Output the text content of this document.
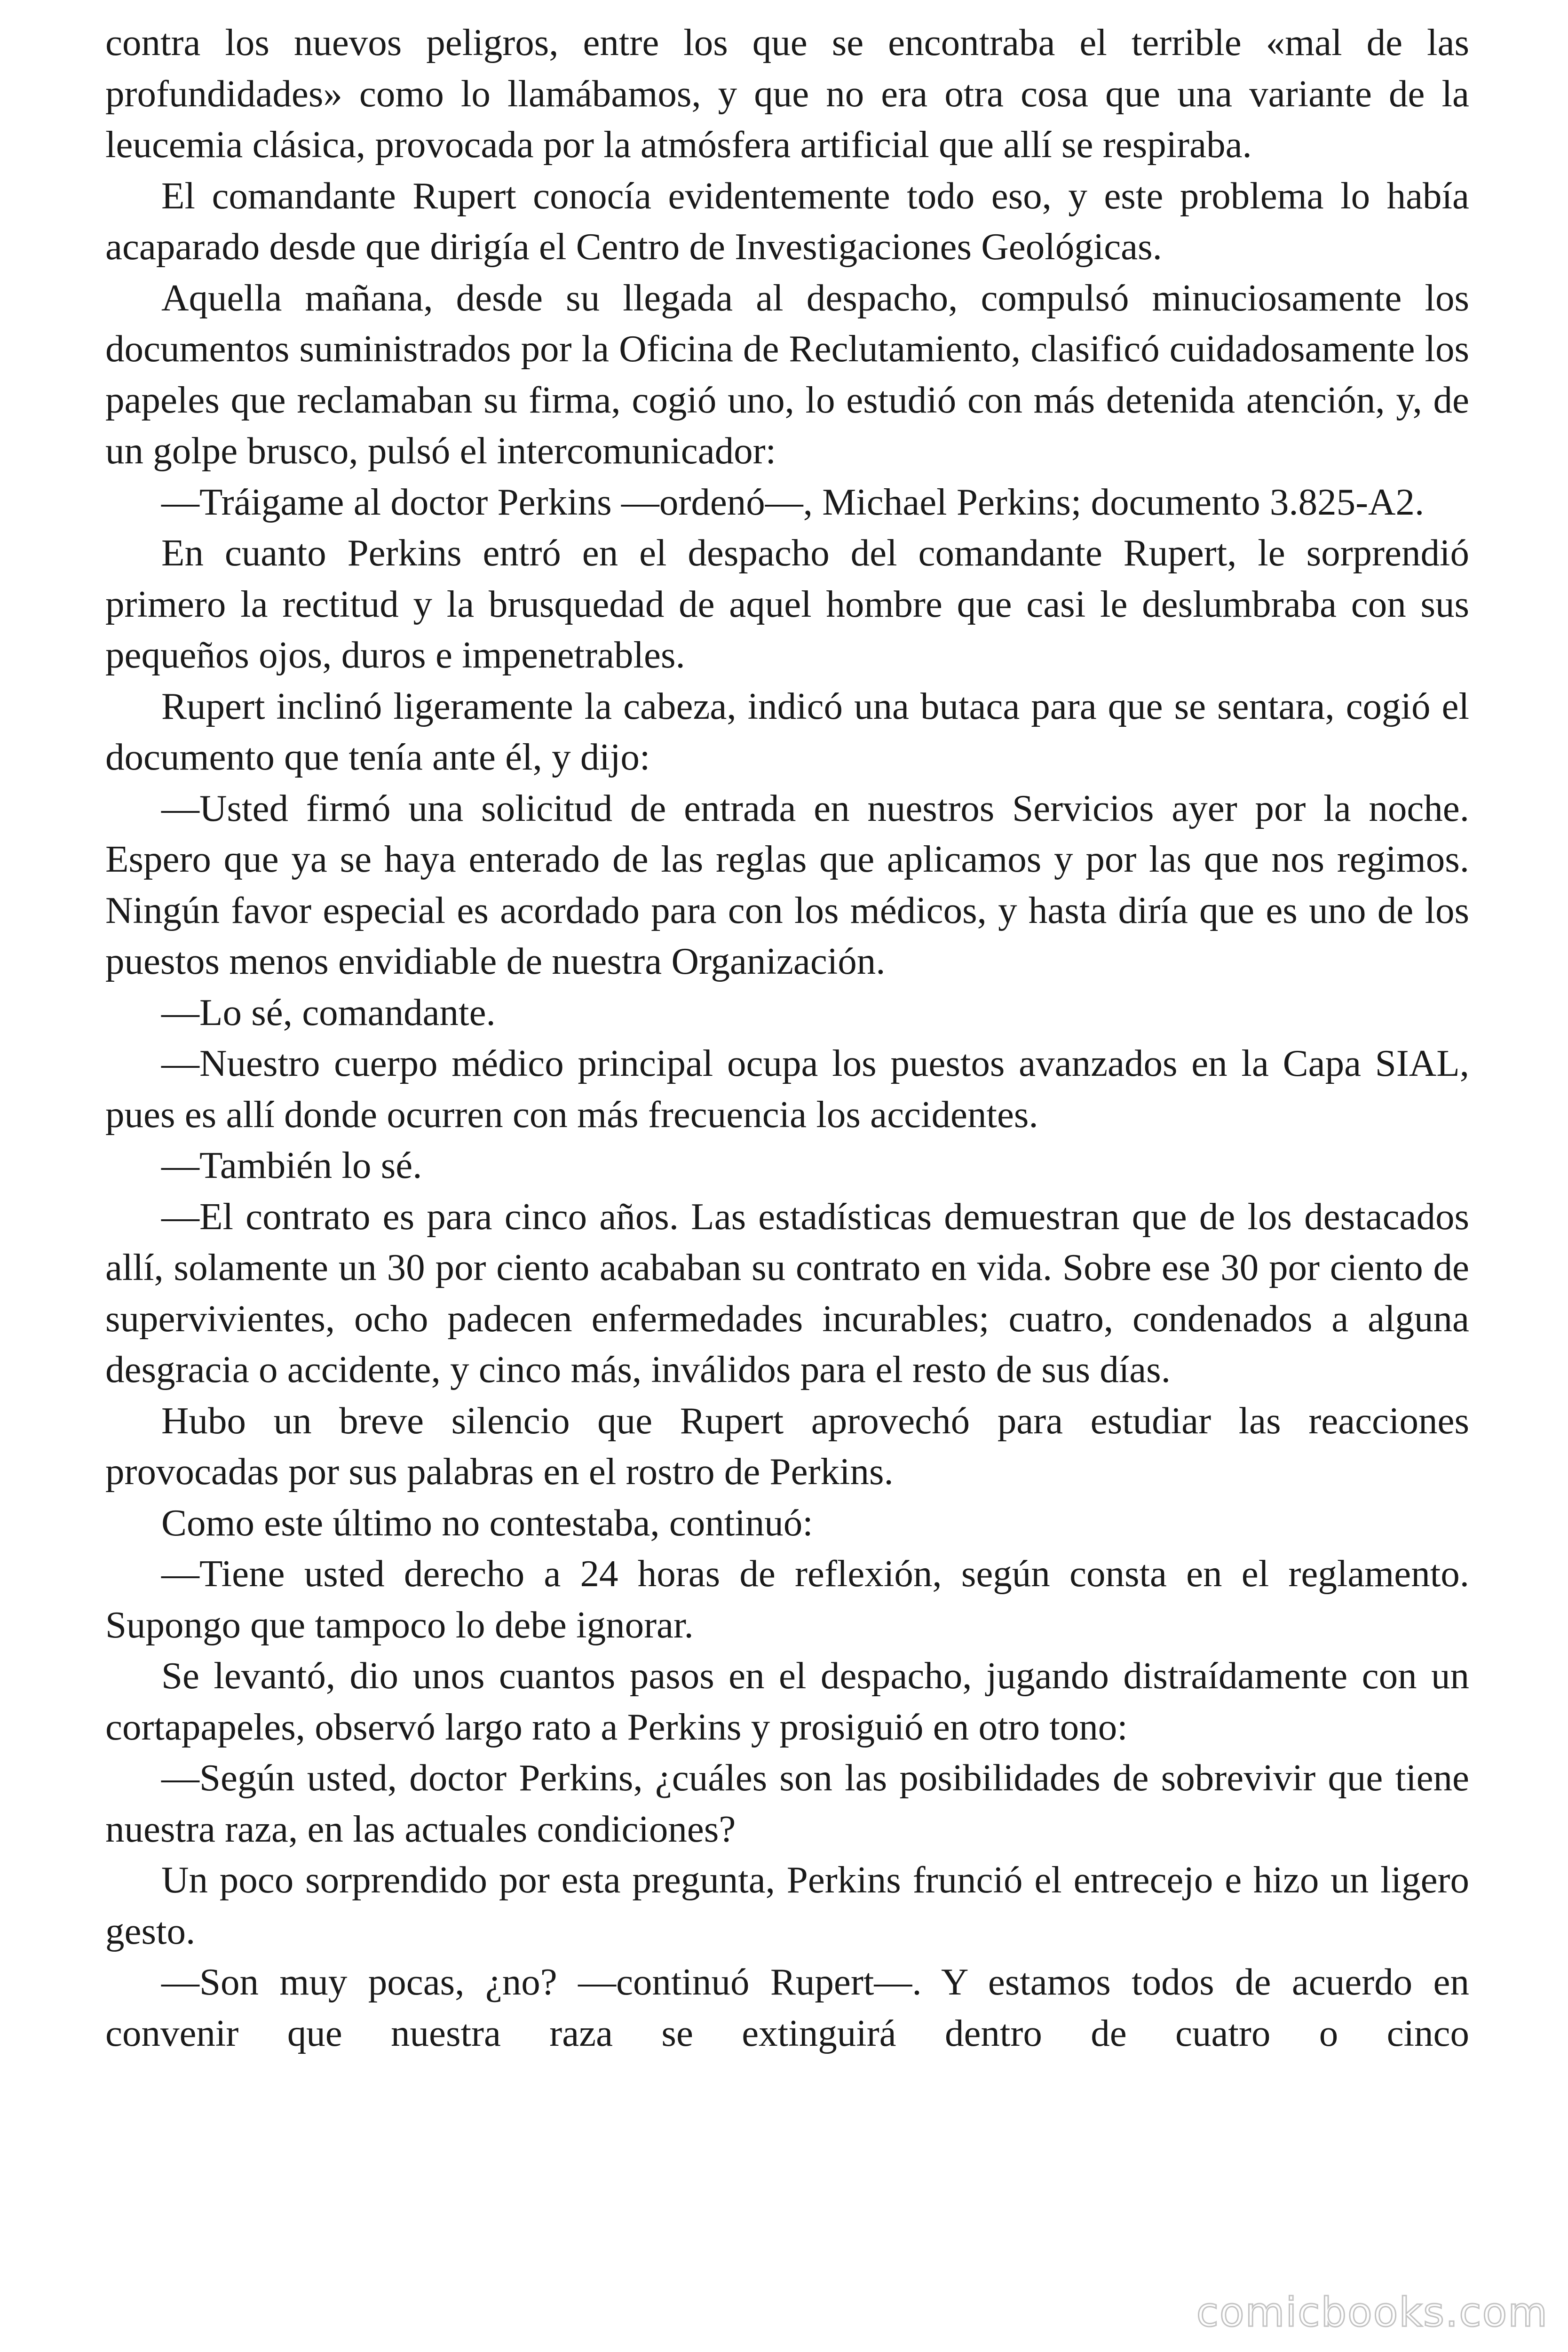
contra los nuevos peligros, entre los que se encontraba el terrible «mal de las profundidades» como lo llamábamos, y que no era otra cosa que una variante de la leucemia clásica, provocada por la atmósfera artificial que allí se respiraba.

El comandante Rupert conocía evidentemente todo eso, y este problema lo había acaparado desde que dirigía el Centro de Investigaciones Geológicas.

Aquella mañana, desde su llegada al despacho, compulsó minuciosamente los documentos suministrados por la Oficina de Reclutamiento, clasificó cuidadosamente los papeles que reclamaban su firma, cogió uno, lo estudió con más detenida atención, y, de un golpe brusco, pulsó el intercomunicador:

—Tráigame al doctor Perkins —ordenó—, Michael Perkins; documento 3.825-A2.

En cuanto Perkins entró en el despacho del comandante Rupert, le sorprendió primero la rectitud y la brusquedad de aquel hombre que casi le deslumbraba con sus pequeños ojos, duros e impenetrables.

Rupert inclinó ligeramente la cabeza, indicó una butaca para que se sentara, cogió el documento que tenía ante él, y dijo:

—Usted firmó una solicitud de entrada en nuestros Servicios ayer por la noche. Espero que ya se haya enterado de las reglas que aplicamos y por las que nos regimos. Ningún favor especial es acordado para con los médicos, y hasta diría que es uno de los puestos menos envidiable de nuestra Organización.

—Lo sé, comandante.

—Nuestro cuerpo médico principal ocupa los puestos avanzados en la Capa SIAL, pues es allí donde ocurren con más frecuencia los accidentes.

—También lo sé.

—El contrato es para cinco años. Las estadísticas demuestran que de los destacados allí, solamente un 30 por ciento acababan su contrato en vida. Sobre ese 30 por ciento de supervivientes, ocho padecen enfermedades incurables; cuatro, condenados a alguna desgracia o accidente, y cinco más, inválidos para el resto de sus días.

Hubo un breve silencio que Rupert aprovechó para estudiar las reacciones provocadas por sus palabras en el rostro de Perkins.

Como este último no contestaba, continuó:

—Tiene usted derecho a 24 horas de reflexión, según consta en el reglamento. Supongo que tampoco lo debe ignorar.

Se levantó, dio unos cuantos pasos en el despacho, jugando distraídamente con un cortapapeles, observó largo rato a Perkins y prosiguió en otro tono:

—Según usted, doctor Perkins, ¿cuáles son las posibilidades de sobrevivir que tiene nuestra raza, en las actuales condiciones?

Un poco sorprendido por esta pregunta, Perkins frunció el entrecejo e hizo un ligero gesto.

—Son muy pocas, ¿no? —continuó Rupert—. Y estamos todos de acuerdo en convenir que nuestra raza se extinguirá dentro de cuatro o cinco

comicbooks.com
